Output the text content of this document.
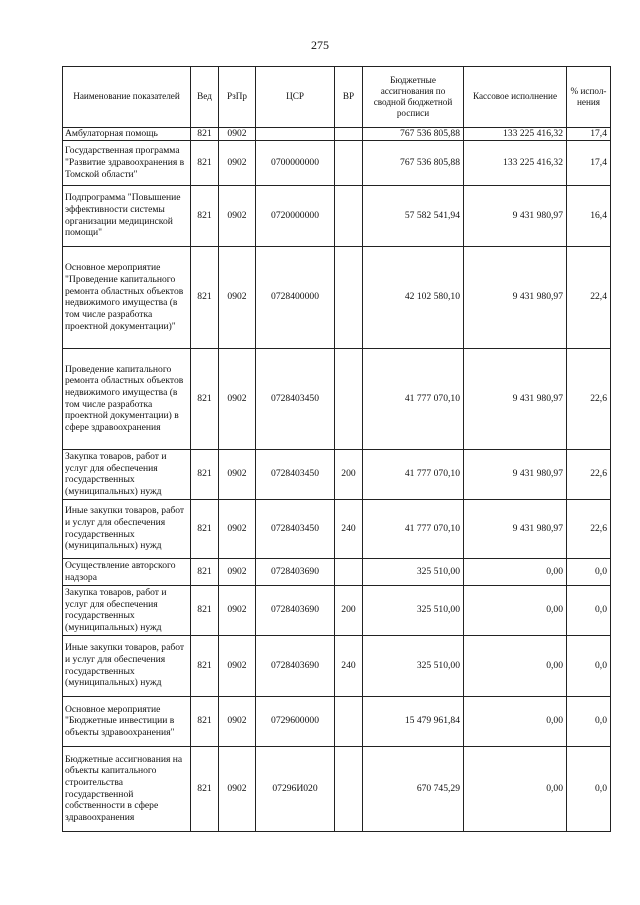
275
Наименование показателей	Вед	РзПр	ЦСР	ВР	Бюджетные ассигнования по сводной бюджетной росписи	Кассовое исполнение	% испол-нения
Амбулаторная помощь	821	0902			767 536 805,88	133 225 416,32	17,4
Государственная программа "Развитие здравоохранения в Томской области"	821	0902	0700000000		767 536 805,88	133 225 416,32	17,4
Подпрограмма "Повышение эффективности системы организации медицинской помощи"	821	0902	0720000000		57 582 541,94	9 431 980,97	16,4
Основное мероприятие "Проведение капитального ремонта областных объектов недвижимого имущества (в том числе разработка проектной документации)"	821	0902	0728400000		42 102 580,10	9 431 980,97	22,4
Проведение капитального ремонта областных объектов недвижимого имущества (в том числе разработка проектной документации) в сфере здравоохранения	821	0902	0728403450		41 777 070,10	9 431 980,97	22,6
Закупка товаров, работ и услуг для обеспечения государственных (муниципальных) нужд	821	0902	0728403450	200	41 777 070,10	9 431 980,97	22,6
Иные закупки товаров, работ и услуг для обеспечения государственных (муниципальных) нужд	821	0902	0728403450	240	41 777 070,10	9 431 980,97	22,6
Осуществление авторского надзора	821	0902	0728403690		325 510,00	0,00	0,0
Закупка товаров, работ и услуг для обеспечения государственных (муниципальных) нужд	821	0902	0728403690	200	325 510,00	0,00	0,0
Иные закупки товаров, работ и услуг для обеспечения государственных (муниципальных) нужд	821	0902	0728403690	240	325 510,00	0,00	0,0
Основное мероприятие "Бюджетные инвестиции в объекты здравоохранения"	821	0902	0729600000		15 479 961,84	0,00	0,0
Бюджетные ассигнования на объекты капитального строительства государственной собственности в сфере здравоохранения	821	0902	07296И020		670 745,29	0,00	0,0
